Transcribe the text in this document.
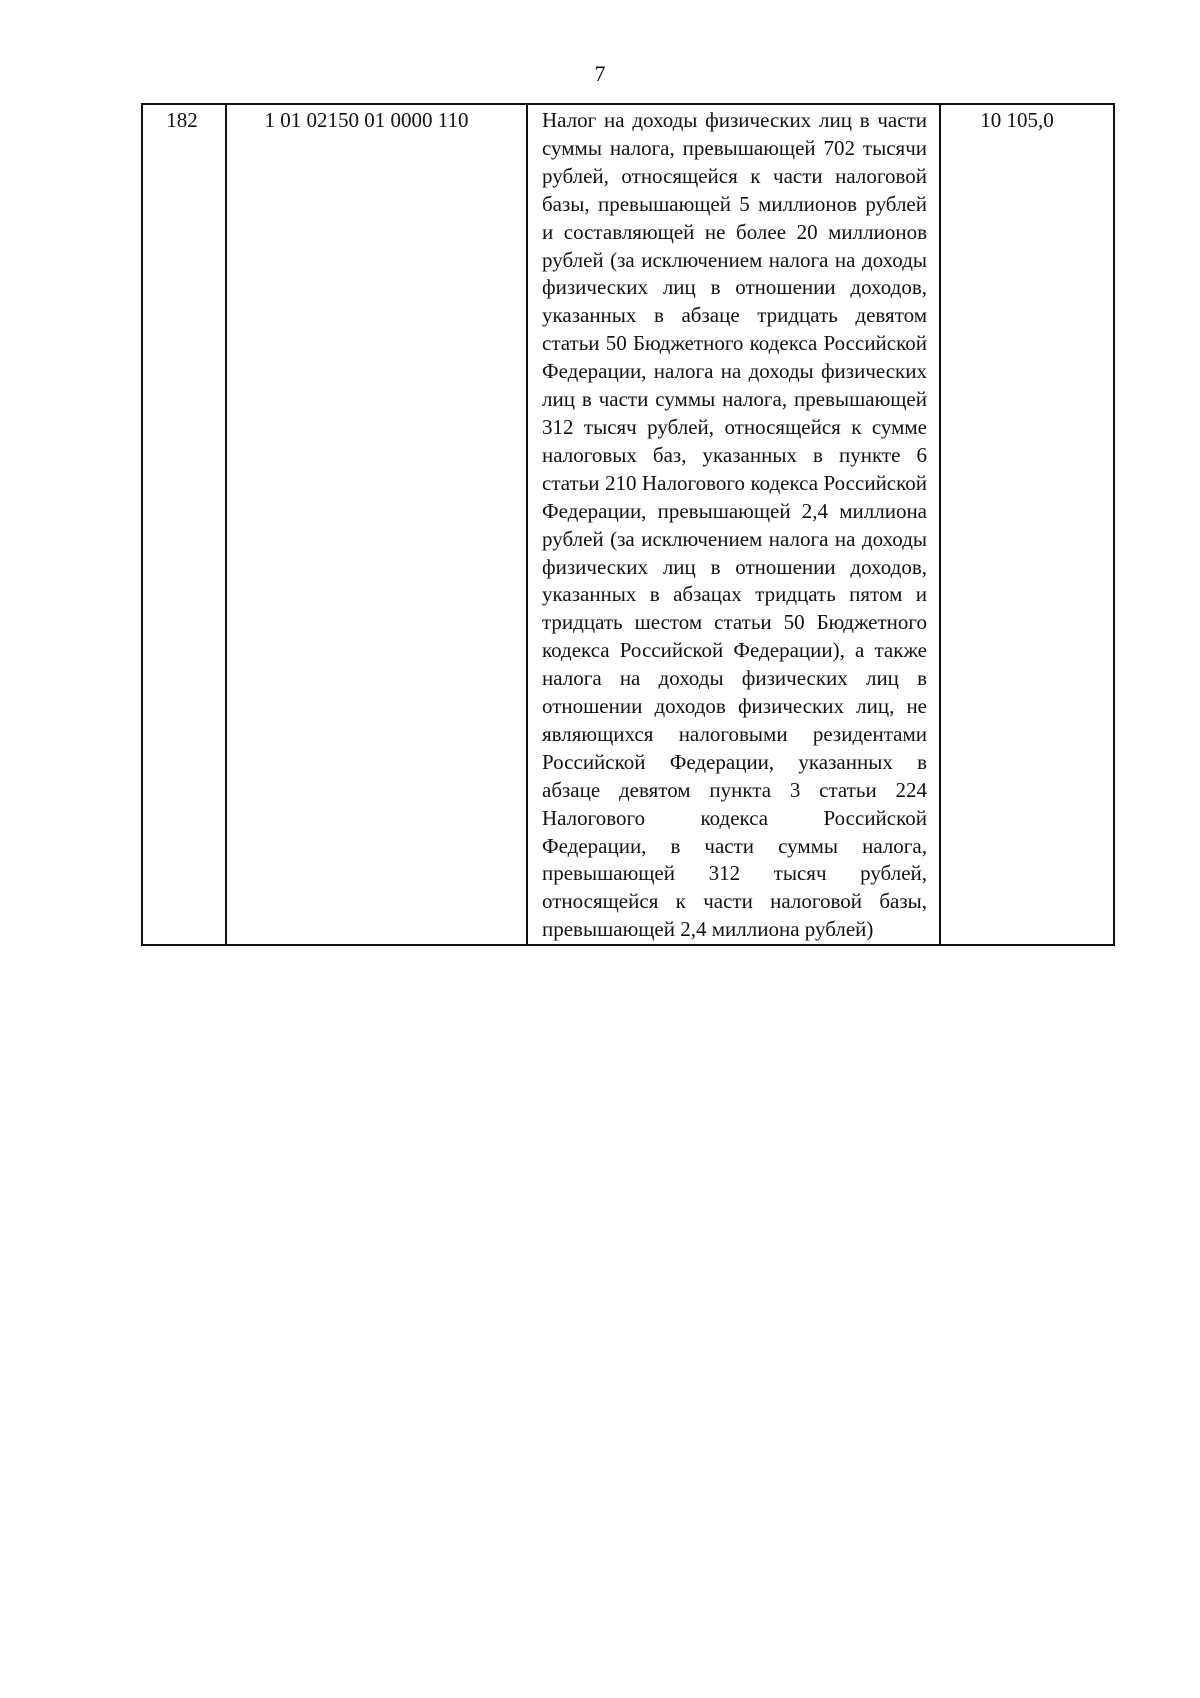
7
182	1 01 02150 01 0000 110	Налог на доходы физических лиц в части суммы налога, превышающей 702 тысячи рублей, относящейся к части налоговой базы, превышающей 5 миллионов рублей и составляющей не более 20 миллионов рублей (за исключением налога на доходы физических лиц в отношении доходов, указанных в абзаце тридцать девятом статьи 50 Бюджетного кодекса Российской Федерации, налога на доходы физических лиц в части суммы налога, превышающей 312 тысяч рублей, относящейся к сумме налоговых баз, указанных в пункте 6 статьи 210 Налогового кодекса Российской Федерации, превышающей 2,4 миллиона рублей (за исключением налога на доходы физических лиц в отношении доходов, указанных в абзацах тридцать пятом и тридцать шестом статьи 50 Бюджетного кодекса Российской Федерации), а также налога на доходы физических лиц в отношении доходов физических лиц, не являющихся налоговыми резидентами Российской Федерации, указанных в абзаце девятом пункта 3 статьи 224 Налогового кодекса Российской Федерации, в части суммы налога, превышающей 312 тысяч рублей, относящейся к части налоговой базы, превышающей 2,4 миллиона рублей)	10 105,0
